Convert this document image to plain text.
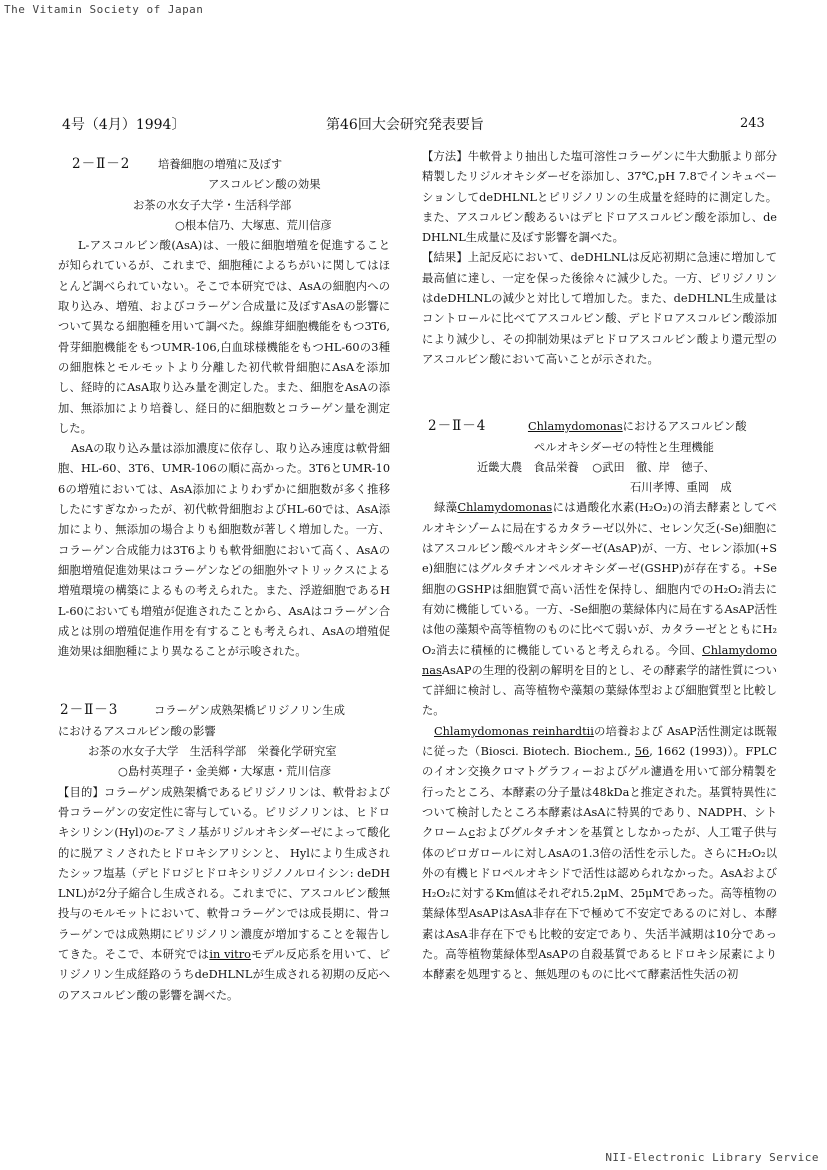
The Vitamin Society of Japan
4号（4月）1994〕	第46回大会研究発表要旨	243
2－Ⅱ－2 培養細胞の増殖に及ぼす
アスコルビン酸の効果
お茶の水女子大学・生活科学部
○根本信乃、大塚恵、荒川信彦

L-アスコルビン酸(AsA)は、一般に細胞増殖を促進することが知られているが、これまで、細胞種によるちがいに関してはほとんど調べられていない。そこで本研究では、AsAの細胞内への取り込み、増殖、およびコラーゲン合成量に及ぼすAsAの影響について異なる細胞種を用いて調べた。線維芽細胞機能をもつ3T6,骨芽細胞機能をもつUMR-106,白血球様機能をもつHL-60の3種の細胞株とモルモットより分離した初代軟骨細胞にAsAを添加し、経時的にAsA取り込み量を測定した。また、細胞をAsAの添加、無添加により培養し、経日的に細胞数とコラーゲン量を測定した。

AsAの取り込み量は添加濃度に依存し、取り込み速度は軟骨細胞、HL-60、3T6、UMR-106の順に高かった。3T6とUMR-106の増殖においては、AsA添加によりわずかに細胞数が多く推移したにすぎなかったが、初代軟骨細胞およびHL-60では、AsA添加により、無添加の場合よりも細胞数が著しく増加した。一方、コラーゲン合成能力は3T6よりも軟骨細胞において高く、AsAの細胞増殖促進効果はコラーゲンなどの細胞外マトリックスによる増殖環境の構築によるもの考えられた。また、浮遊細胞であるHL-60においても増殖が促進されたことから、AsAはコラーゲン合成とは別の増殖促進作用を有することも考えられ、AsAの増殖促進効果は細胞種により異なることが示唆された。

2－Ⅱ－3	コラーゲン成熟架橋ピリジノリン生成
におけるアスコルビン酸の影響
お茶の水女子大学　生活科学部　栄養化学研究室
○島村英理子・金美鄉・大塚恵・荒川信彦

【目的】コラーゲン成熟架橋であるピリジノリンは、軟骨および骨コラーゲンの安定性に寄与している。ピリジノリンは、ヒドロキシリシン(Hyl)のε-アミノ基がリジルオキシダーゼによって酸化的に脱アミノされたヒドロキシアリシンと、 Hylにより生成されたシッフ塩基（デヒドロジヒドロキシリジノノルロイシン: deDHLNL)が2分子縮合し生成される。これまでに、アスコルビン酸無投与のモルモットにおいて、軟骨コラーゲンでは成長期に、骨コラーゲンでは成熟期にピリジノリン濃度が増加することを報告してきた。そこで、本研究ではin vitroモデル反応系を用いて、ピリジノリン生成経路のうちdeDHLNLが生成される初期の反応へのアスコルビン酸の影響を調べた。

【方法】牛軟骨より抽出した塩可溶性コラーゲンに牛大動脈より部分精製したリジルオキシダーゼを添加し、37℃,pH 7.8でインキュベーションしてdeDHLNLとピリジノリンの生成量を経時的に測定した。また、アスコルビン酸あるいはデヒドロアスコルビン酸を添加し、deDHLNL生成量に及ぼす影響を調べた。

【結果】上記反応において、deDHLNLは反応初期に急速に増加して最高値に達し、一定を保った後徐々に減少した。一方、ピリジノリンはdeDHLNLの減少と対比して増加した。また、deDHLNL生成量はコントロールに比べてアスコルビン酸、デヒドロアスコルビン酸添加により減少し、その抑制効果はデヒドロアスコルビン酸より還元型のアスコルビン酸において高いことが示された。

2－Ⅱ－4	Chlamydomonasにおけるアスコルビン酸
ペルオキシダーゼの特性と生理機能
近畿大農　食品栄養 ○武田　徹、岸　徳子、
石川孝博、重岡　成

緑藻Chlamydomonasには過酸化水素(H₂O₂)の消去酵素としてペルオキシゾームに局在するカタラーゼ以外に、セレン欠乏(-Se)細胞にはアスコルビン酸ペルオキシダーゼ(AsAP)が、一方、セレン添加(+Se)細胞にはグルタチオンペルオキシダーゼ(GSHP)が存在する。+Se細胞のGSHPは細胞質で高い活性を保持し、細胞内でのH₂O₂消去に有効に機能している。一方、-Se細胞の葉緑体内に局在するAsAP活性は他の藻類や高等植物のものに比べて弱いが、カタラーゼとともにH₂O₂消去に積極的に機能していると考えられる。今回、ChlamydomonasAsAPの生理的役割の解明を目的とし、その酵素学的諸性質について詳細に検討し、高等植物や藻類の葉緑体型および細胞質型と比較した。

Chlamydomonas reinhardtiiの培養および AsAP活性測定は既報に従った（Biosci. Biotech. Biochem., 56, 1662 (1993)）。FPLCのイオン交換クロマトグラフィーおよびゲル濾過を用いて部分精製を行ったところ、本酵素の分子量は48kDaと推定された。基質特異性について検討したところ本酵素はAsAに特異的であり、NADPH、シトクロームcおよびグルタチオンを基質としなかったが、人工電子供与体のピロガロールに対しAsAの1.3倍の活性を示した。さらにH₂O₂以外の有機ヒドロペルオキシドで活性は認められなかった。AsAおよびH₂O₂に対するKm値はそれぞれ5.2μM、25μMであった。高等植物の葉緑体型AsAPはAsA非存在下で極めて不安定であるのに対し、本酵素はAsA非存在下でも比較的安定であり、失活半減期は10分であった。高等植物葉緑体型AsAPの自殺基質であるヒドロキシ尿素により本酵素を処理すると、無処理のものに比べて酵素活性失活の初

NII-Electronic Library Service
